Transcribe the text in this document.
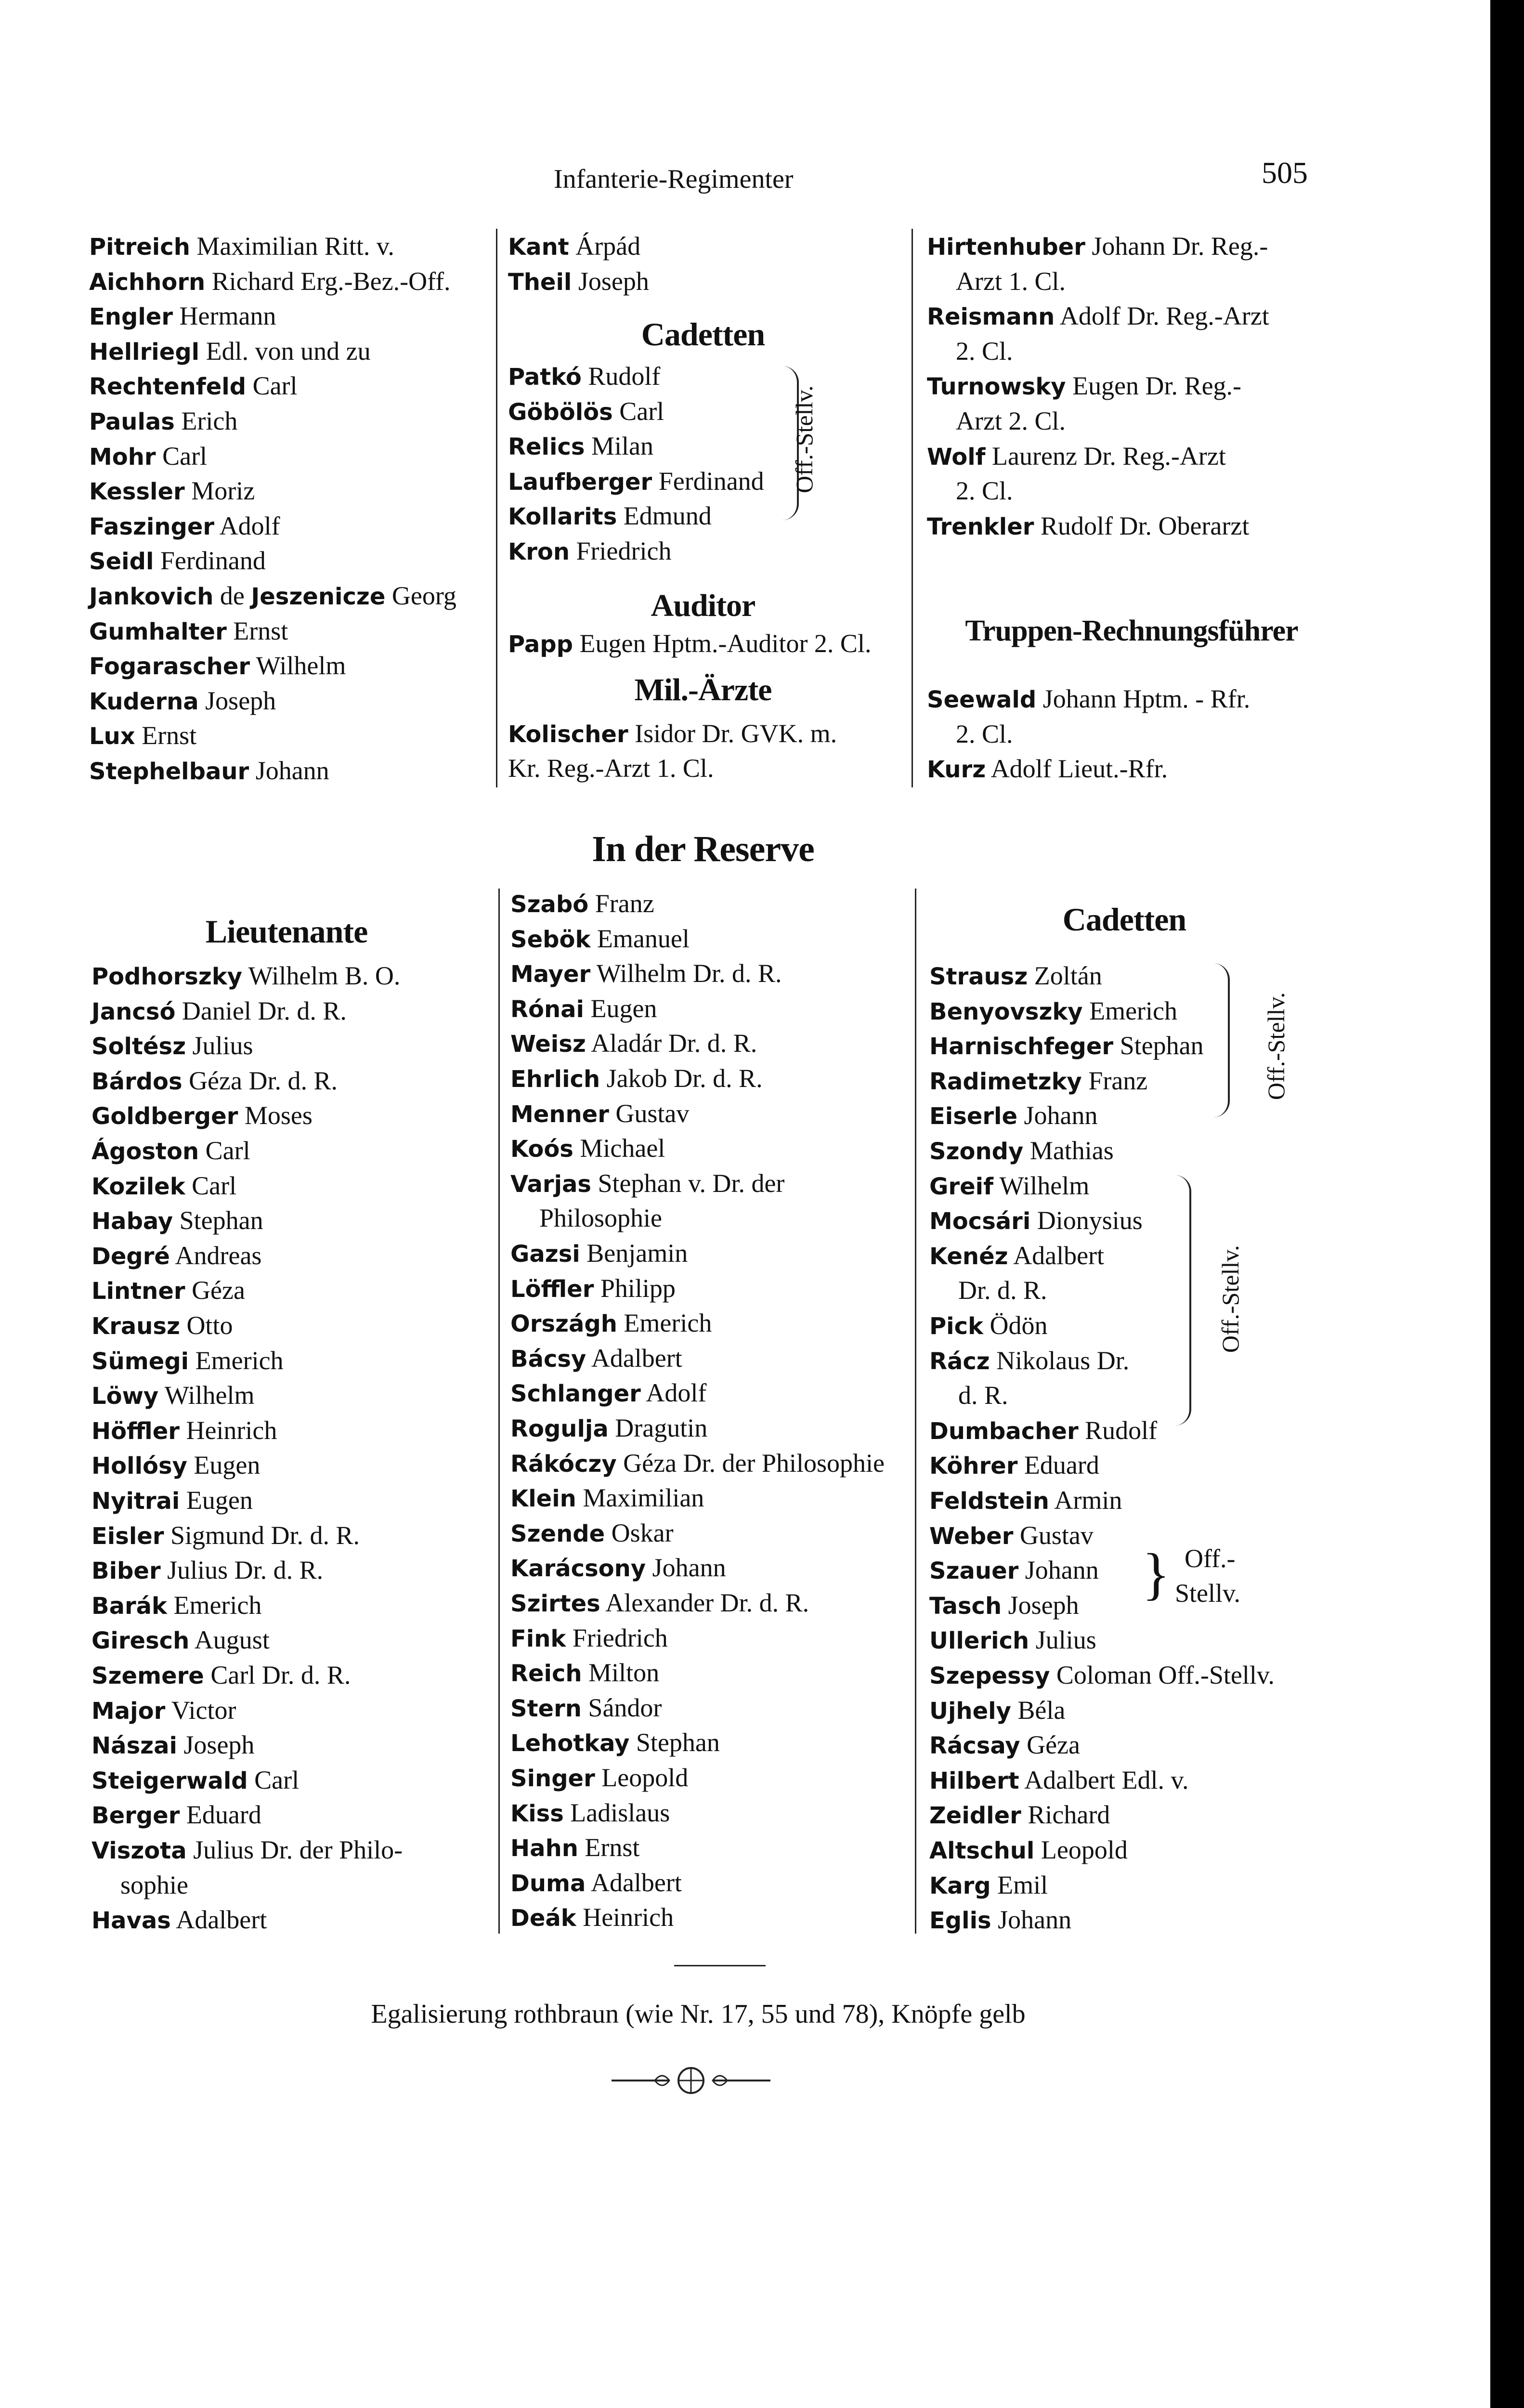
Infanterie-Regimenter	505
Pitreich Maximilian Ritt. v.
Aichhorn Richard Erg.-Bez.-Off.
Engler Hermann
Hellriegl Edl. von und zu
Rechtenfeld Carl
Paulas Erich
Mohr Carl
Kessler Moriz
Faszinger Adolf
Seidl Ferdinand
Jankovich de Jeszenicze Georg
Gumhalter Ernst
Fogarascher Wilhelm
Kuderna Joseph
Lux Ernst
Stephelbaur Johann
Kant Árpád
Theil Joseph
Cadetten
Patkó Rudolf
Göbölös Carl
Relics Milan
Laufberger Ferdinand
Kollarits Edmund
Kron Friedrich
Off.-Stellv.
Auditor
Papp Eugen Hptm.-Auditor 2. Cl.
Mil.-Ärzte
Kolischer Isidor Dr. GVK. m.
Kr. Reg.-Arzt 1. Cl.
Hirtenhuber Johann Dr. Reg.-
Arzt 1. Cl.
Reismann Adolf Dr. Reg.-Arzt
2. Cl.
Turnowsky Eugen Dr. Reg.-
Arzt 2. Cl.
Wolf Laurenz Dr. Reg.-Arzt
2. Cl.
Trenkler Rudolf Dr. Oberarzt
Truppen-Rechnungsführer
Seewald Johann Hptm. - Rfr.
2. Cl.
Kurz Adolf Lieut.-Rfr.
In der Reserve
Lieutenante
Podhorszky Wilhelm B. O.
Jancsó Daniel Dr. d. R.
Soltész Julius
Bárdos Géza Dr. d. R.
Goldberger Moses
Ágoston Carl
Kozilek Carl
Habay Stephan
Degré Andreas
Lintner Géza
Krausz Otto
Sümegi Emerich
Löwy Wilhelm
Höffler Heinrich
Hollósy Eugen
Nyitrai Eugen
Eisler Sigmund Dr. d. R.
Biber Julius Dr. d. R.
Barák Emerich
Giresch August
Szemere Carl Dr. d. R.
Major Victor
Nászai Joseph
Steigerwald Carl
Berger Eduard
Viszota Julius Dr. der Philo-
sophie
Havas Adalbert
Szabó Franz
Sebök Emanuel
Mayer Wilhelm Dr. d. R.
Rónai Eugen
Weisz Aladár Dr. d. R.
Ehrlich Jakob Dr. d. R.
Menner Gustav
Koós Michael
Varjas Stephan v. Dr. der
Philosophie
Gazsi Benjamin
Löffler Philipp
Országh Emerich
Bácsy Adalbert
Schlanger Adolf
Rogulja Dragutin
Rákóczy Géza Dr. der Philosophie
Klein Maximilian
Szende Oskar
Karácsony Johann
Szirtes Alexander Dr. d. R.
Fink Friedrich
Reich Milton
Stern Sándor
Lehotkay Stephan
Singer Leopold
Kiss Ladislaus
Hahn Ernst
Duma Adalbert
Deák Heinrich
Cadetten
Strausz Zoltán
Benyovszky Emerich
Harnischfeger Stephan
Radimetzky Franz
Eiserle Johann
Szondy Mathias
Greif Wilhelm
Mocsári Dionysius
Kenéz Adalbert
Dr. d. R.
Pick Ödön
Rácz Nikolaus Dr.
d. R.
Dumbacher Rudolf
Köhrer Eduard
Feldstein Armin
Weber Gustav
Szauer Johann
Tasch Joseph
Ullerich Julius
Szepessy Coloman Off.-Stellv.
Ujhely Béla
Rácsay Géza
Hilbert Adalbert Edl. v.
Zeidler Richard
Altschul Leopold
Karg Emil
Eglis Johann
Off.-Stellv.
Off.-Stellv.
} Off.-
Stellv.
Egalisierung rothbraun (wie Nr. 17, 55 und 78), Knöpfe gelb
